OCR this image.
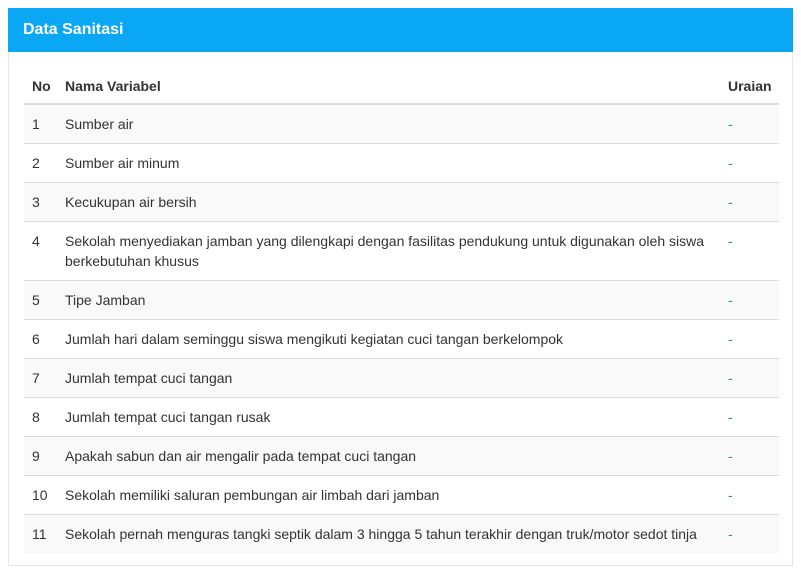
Data Sanitasi
No	Nama Variabel	Uraian
1	Sumber air	-
2	Sumber air minum	-
3	Kecukupan air bersih	-
4	Sekolah menyediakan jamban yang dilengkapi dengan fasilitas pendukung untuk digunakan oleh siswa berkebutuhan khusus	-
5	Tipe Jamban	-
6	Jumlah hari dalam seminggu siswa mengikuti kegiatan cuci tangan berkelompok	-
7	Jumlah tempat cuci tangan	-
8	Jumlah tempat cuci tangan rusak	-
9	Apakah sabun dan air mengalir pada tempat cuci tangan	-
10	Sekolah memiliki saluran pembungan air limbah dari jamban	-
11	Sekolah pernah menguras tangki septik dalam 3 hingga 5 tahun terakhir dengan truk/motor sedot tinja	-
